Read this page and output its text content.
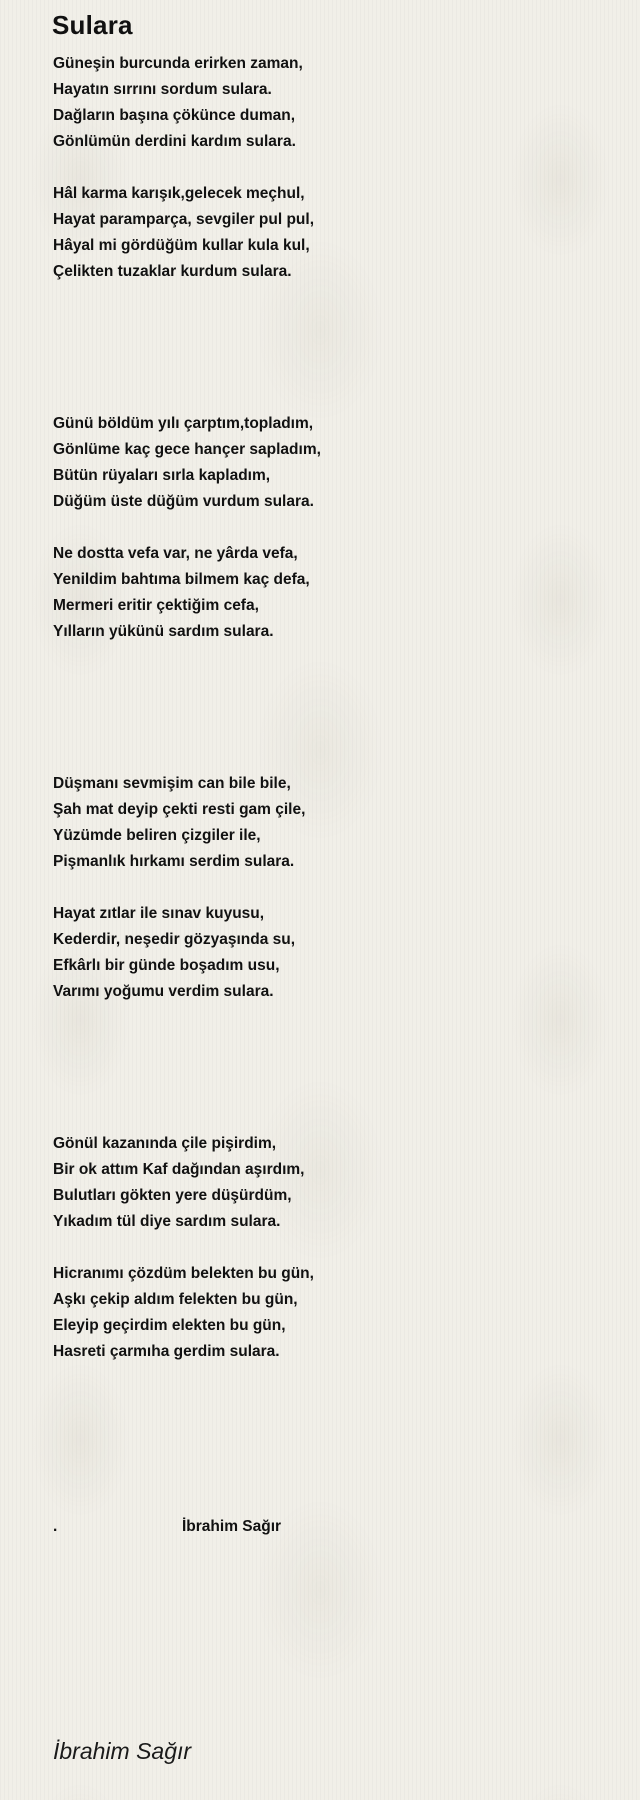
Sulara
Güneşin burcunda erirken zaman,
Hayatın sırrını sordum sulara.
Dağların başına çökünce duman,
Gönlümün derdini kardım sulara.
Hâl karma karışık,gelecek meçhul,
Hayat paramparça, sevgiler pul pul,
Hâyal mi gördüğüm kullar kula kul,
Çelikten tuzaklar kurdum sulara.
Günü böldüm yılı çarptım,topladım,
Gönlüme kaç gece hançer sapladım,
Bütün rüyaları sırla kapladım,
Düğüm üste düğüm vurdum sulara.
Ne dostta vefa var, ne yârda vefa,
Yenildim bahtıma bilmem kaç defa,
Mermeri eritir çektiğim cefa,
Yılların yükünü sardım sulara.
Düşmanı sevmişim can bile bile,
Şah mat deyip çekti resti gam çile,
Yüzümde beliren çizgiler ile,
Pişmanlık hırkamı serdim sulara.
Hayat zıtlar ile sınav kuyusu,
Kederdir, neşedir gözyaşında su,
Efkârlı bir günde boşadım usu,
Varımı yoğumu verdim sulara.
Gönül kazanında çile pişirdim,
Bir ok attım Kaf dağından aşırdım,
Bulutları gökten yere düşürdüm,
Yıkadım tül diye sardım sulara.
Hicranımı çözdüm belekten bu gün,
Aşkı çekip aldım felekten bu gün,
Eleyip geçirdim elekten bu gün,
Hasreti çarmıha gerdim sulara.
.	İbrahim Sağır
İbrahim Sağır
